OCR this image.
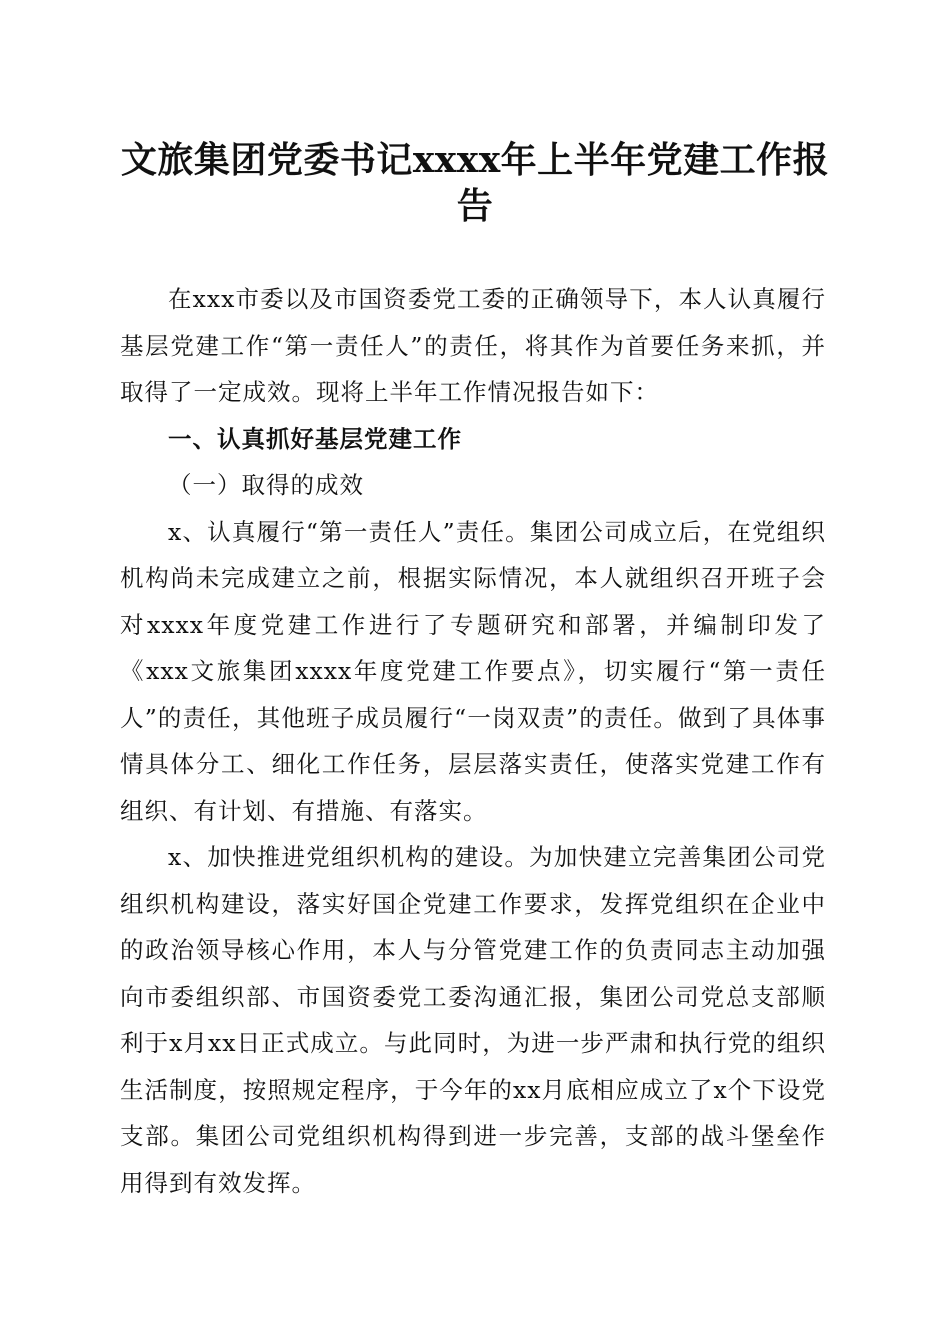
文旅集团党委书记xxxx年上半年党建工作报告

在xxx市委以及市国资委党工委的正确领导下，本人认真履行基层党建工作“第一责任人”的责任，将其作为首要任务来抓，并取得了一定成效。现将上半年工作情况报告如下：

一、认真抓好基层党建工作
（一）取得的成效

x、认真履行“第一责任人”责任。集团公司成立后，在党组织机构尚未完成建立之前，根据实际情况，本人就组织召开班子会对xxxx年度党建工作进行了专题研究和部署，并编制印发了《xxx文旅集团xxxx年度党建工作要点》，切实履行“第一责任人”的责任，其他班子成员履行“一岗双责”的责任。做到了具体事情具体分工、细化工作任务，层层落实责任，使落实党建工作有组织、有计划、有措施、有落实。

x、加快推进党组织机构的建设。为加快建立完善集团公司党组织机构建设，落实好国企党建工作要求，发挥党组织在企业中的政治领导核心作用，本人与分管党建工作的负责同志主动加强向市委组织部、市国资委党工委沟通汇报，集团公司党总支部顺利于x月xx日正式成立。与此同时，为进一步严肃和执行党的组织生活制度，按照规定程序，于今年的xx月底相应成立了x个下设党支部。集团公司党组织机构得到进一步完善，支部的战斗堡垒作用得到有效发挥。
